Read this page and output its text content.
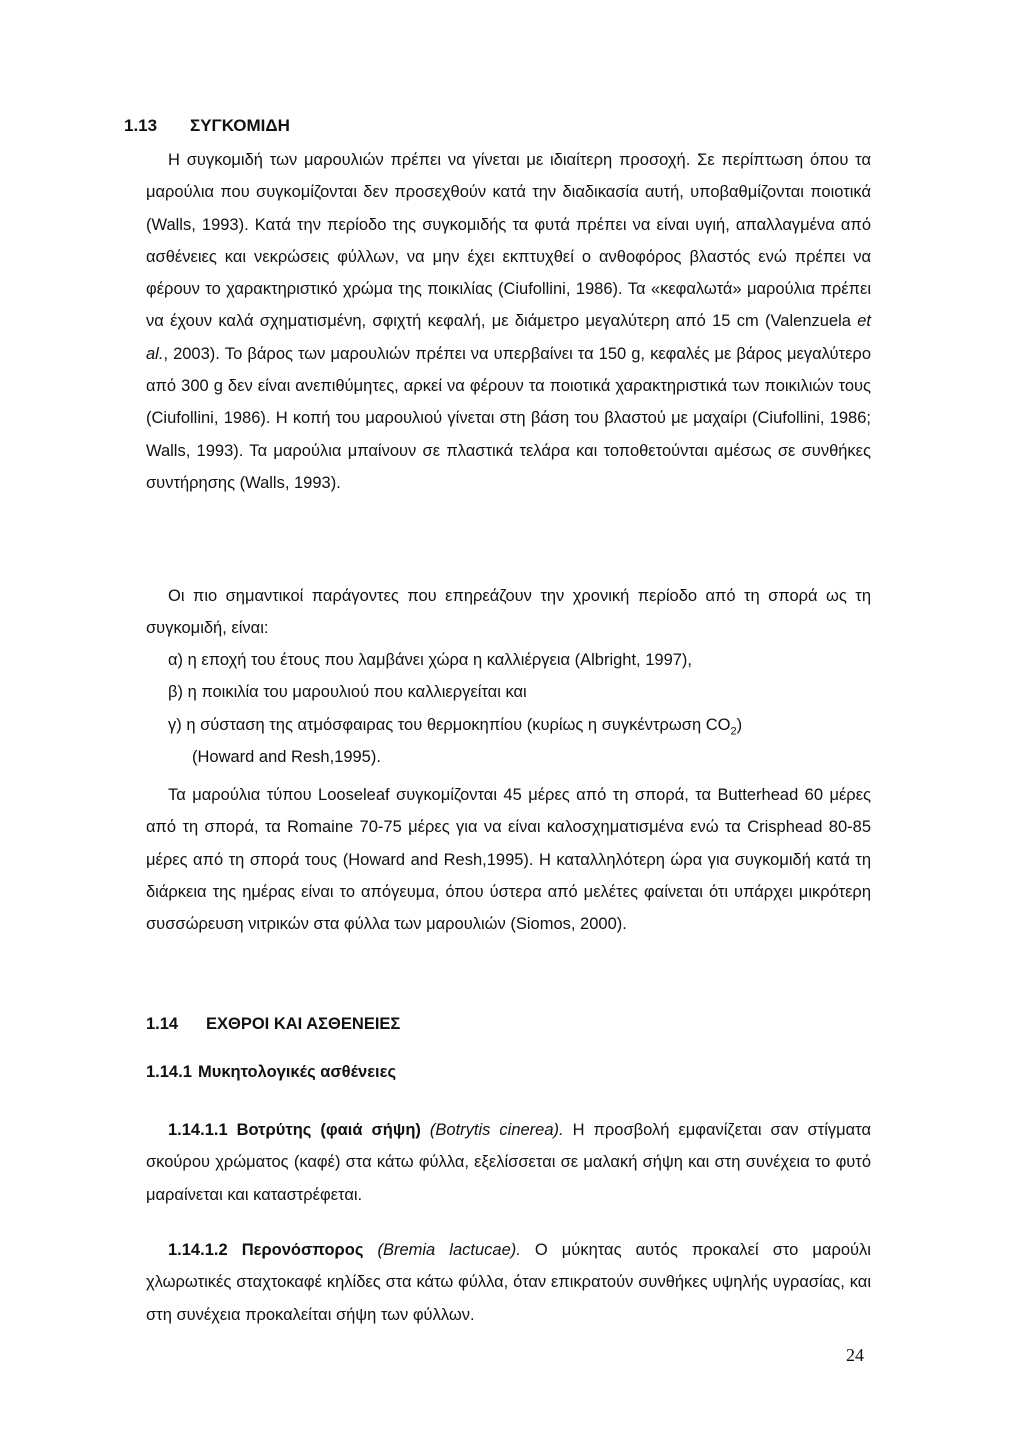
1.13 ΣΥΓΚΟΜΙΔΗ

Η συγκομιδή των μαρουλιών πρέπει να γίνεται με ιδιαίτερη προσοχή. Σε περίπτωση όπου τα μαρούλια που συγκομίζονται δεν προσεχθούν κατά την διαδικασία αυτή, υποβαθμίζονται ποιοτικά (Walls, 1993). Κατά την περίοδο της συγκομιδής τα φυτά πρέπει να είναι υγιή, απαλλαγμένα από ασθένειες και νεκρώσεις φύλλων, να μην έχει εκπτυχθεί ο ανθοφόρος βλαστός ενώ πρέπει να φέρουν το χαρακτηριστικό χρώμα της ποικιλίας (Ciufollini, 1986). Τα «κεφαλωτά» μαρούλια πρέπει να έχουν καλά σχηματισμένη, σφιχτή κεφαλή, με διάμετρο μεγαλύτερη από 15 cm (Valenzuela et al., 2003). Το βάρος των μαρουλιών πρέπει να υπερβαίνει τα 150 g, κεφαλές με βάρος μεγαλύτερο από 300 g δεν είναι ανεπιθύμητες, αρκεί να φέρουν τα ποιοτικά χαρακτηριστικά των ποικιλιών τους (Ciufollini, 1986). Η κοπή του μαρουλιού γίνεται στη βάση του βλαστού με μαχαίρι (Ciufollini, 1986; Walls, 1993). Τα μαρούλια μπαίνουν σε πλαστικά τελάρα και τοποθετούνται αμέσως σε συνθήκες συντήρησης (Walls, 1993).

Οι πιο σημαντικοί παράγοντες που επηρεάζουν την χρονική περίοδο από τη σπορά ως τη συγκομιδή, είναι:

α) η εποχή του έτους που λαμβάνει χώρα η καλλιέργεια (Albright, 1997),
β) η ποικιλία του μαρουλιού που καλλιεργείται και
γ) η σύσταση της ατμόσφαιρας του θερμοκηπίου (κυρίως η συγκέντρωση $CO_2$)
(Howard and Resh,1995).

Τα μαρούλια τύπου Looseleaf συγκομίζονται 45 μέρες από τη σπορά, τα Butterhead 60 μέρες από τη σπορά, τα Romaine 70-75 μέρες για να είναι καλοσχηματισμένα ενώ τα Crisphead 80-85 μέρες από τη σπορά τους (Howard and Resh,1995). Η καταλληλότερη ώρα για συγκομιδή κατά τη διάρκεια της ημέρας είναι το απόγευμα, όπου ύστερα από μελέτες φαίνεται ότι υπάρχει μικρότερη συσσώρευση νιτρικών στα φύλλα των μαρουλιών (Siomos, 2000).

1.14 ΕΧΘΡΟΙ ΚΑΙ ΑΣΘΕΝΕΙΕΣ
1.14.1 Μυκητολογικές ασθένειες

1.14.1.1 Βοτρύτης (φαιά σήψη) (Botrytis cinerea). Η προσβολή εμφανίζεται σαν στίγματα σκούρου χρώματος (καφέ) στα κάτω φύλλα, εξελίσσεται σε μαλακή σήψη και στη συνέχεια το φυτό μαραίνεται και καταστρέφεται.

1.14.1.2 Περονόσπορος (Bremia lactucae). Ο μύκητας αυτός προκαλεί στο μαρούλι χλωρωτικές σταχτοκαφέ κηλίδες στα κάτω φύλλα, όταν επικρατούν συνθήκες υψηλής υγρασίας, και στη συνέχεια προκαλείται σήψη των φύλλων.

24
